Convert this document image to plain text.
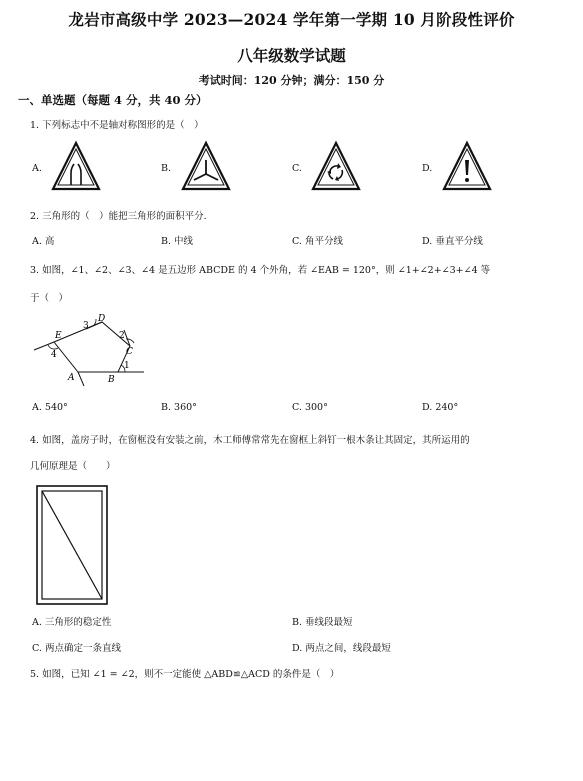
龙岩市高级中学 2023—2024 学年第一学期 10 月阶段性评价
八年级数学试题
考试时间：120 分钟；满分：150 分
一、单选题（每题 4 分，共 40 分）
1. 下列标志中不是轴对称图形的是（　）
A.	B.	C.	D.
2. 三角形的（　）能把三角形的面积平分.
A. 高	B. 中线	C. 角平分线	D. 垂直平分线
3. 如图，∠1、∠2、∠3、∠4 是五边形 ABCDE 的 4 个外角，若 ∠EAB = 120°，则 ∠1+∠2+∠3+∠4 等
于（　）
D
E
C
A	B
1
2
3
4
A. 540°	B. 360°	C. 300°	D. 240°
4. 如图，盖房子时，在窗框没有安装之前，木工师傅常常先在窗框上斜钉一根木条让其固定，其所运用的
几何原理是（　　）
A. 三角形的稳定性	B. 垂线段最短
C. 两点确定一条直线	D. 两点之间，线段最短
5. 如图，已知 ∠1 = ∠2，则不一定能使 △ABD≌△ACD 的条件是（　）
